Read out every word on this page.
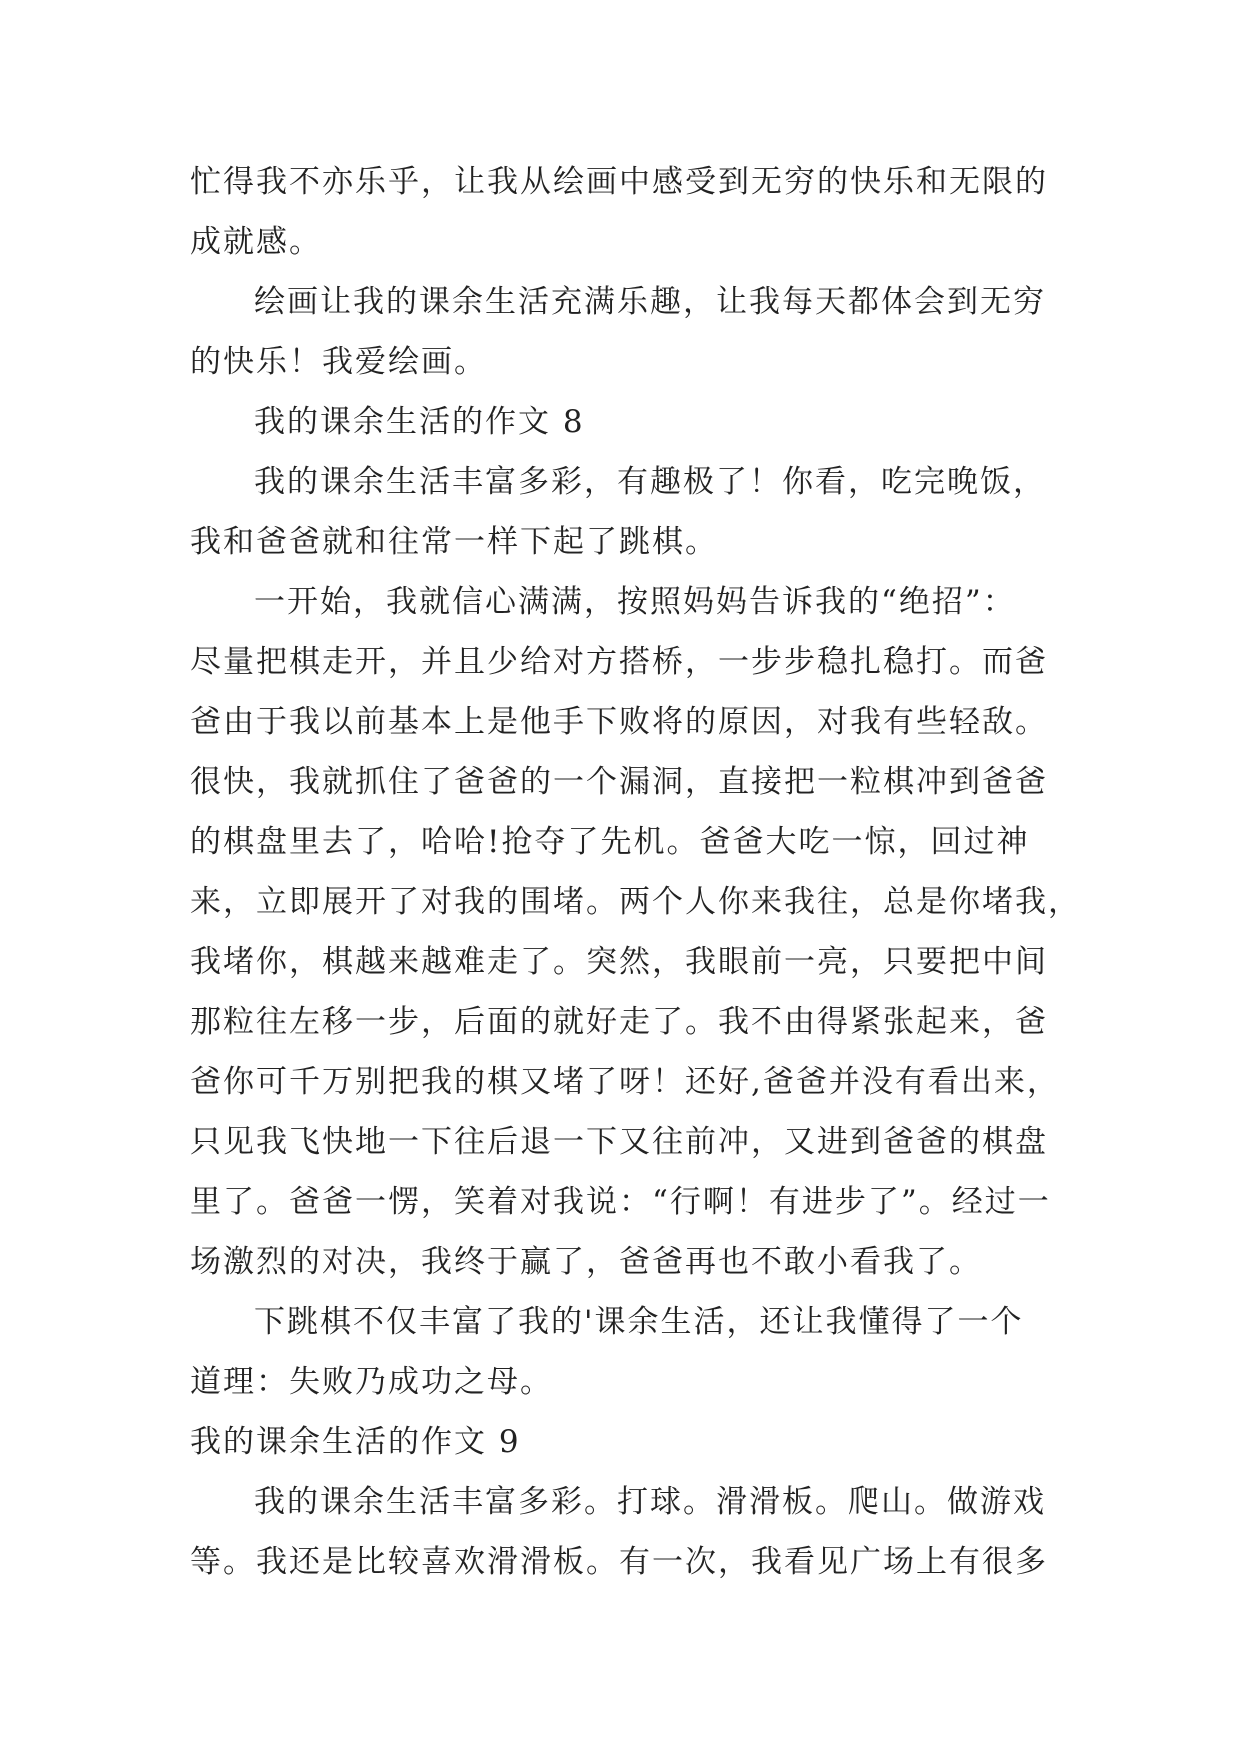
忙得我不亦乐乎，让我从绘画中感受到无穷的快乐和无限的
成就感。
绘画让我的课余生活充满乐趣，让我每天都体会到无穷
的快乐！我爱绘画。
我的课余生活的作文 8
我的课余生活丰富多彩，有趣极了！你看，吃完晚饭，
我和爸爸就和往常一样下起了跳棋。
一开始，我就信心满满，按照妈妈告诉我的“绝招”：
尽量把棋走开，并且少给对方搭桥，一步步稳扎稳打。而爸
爸由于我以前基本上是他手下败将的原因，对我有些轻敌。
很快，我就抓住了爸爸的一个漏洞，直接把一粒棋冲到爸爸
的棋盘里去了，哈哈!抢夺了先机。爸爸大吃一惊，回过神
来，立即展开了对我的围堵。两个人你来我往，总是你堵我，
我堵你，棋越来越难走了。突然，我眼前一亮，只要把中间
那粒往左移一步，后面的就好走了。我不由得紧张起来，爸
爸你可千万别把我的棋又堵了呀！还好,爸爸并没有看出来，
只见我飞快地一下往后退一下又往前冲，又进到爸爸的棋盘
里了。爸爸一愣，笑着对我说：“行啊！有进步了”。经过一
场激烈的对决，我终于赢了，爸爸再也不敢小看我了。
下跳棋不仅丰富了我的'课余生活，还让我懂得了一个
道理：失败乃成功之母。
我的课余生活的作文 9
我的课余生活丰富多彩。打球。滑滑板。爬山。做游戏
等。我还是比较喜欢滑滑板。有一次，我看见广场上有很多
